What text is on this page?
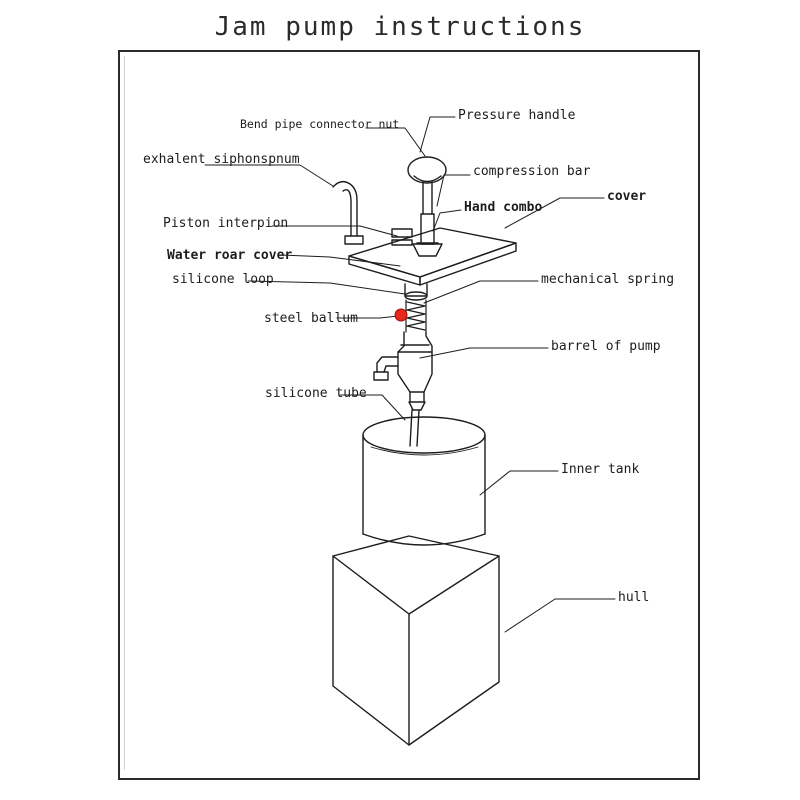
Jam pump instructions
Bend pipe connector nut
Pressure handle
exhalent siphonspnum
compression bar
cover
Piston interpion
Hand combo
Water roar cover
silicone loop	mechanical spring
steel ballum
barrel of pump
silicone tube
Inner tank
hull
